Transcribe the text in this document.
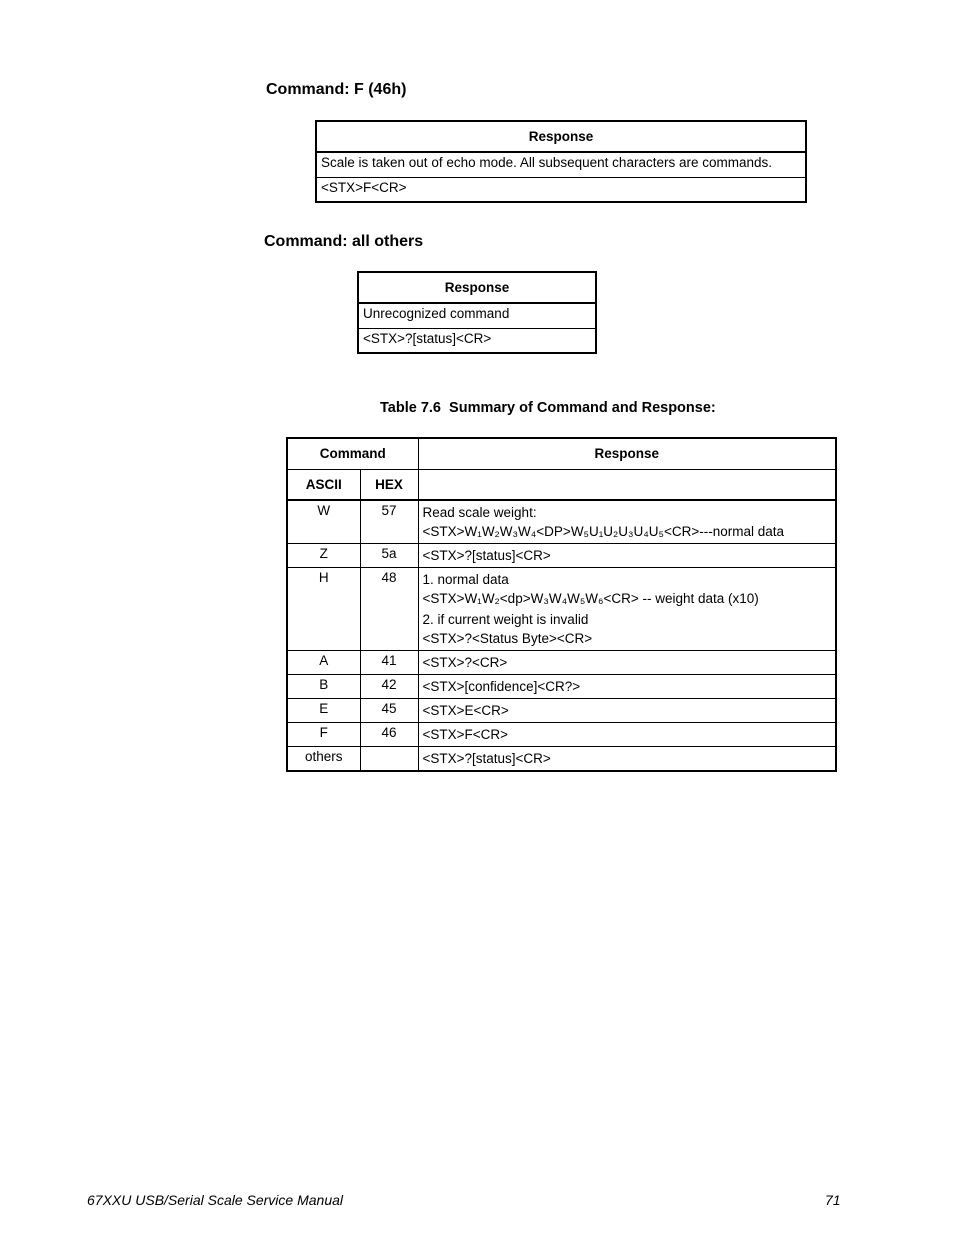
Command: F (46h)
Response
Scale is taken out of echo mode. All subsequent characters are commands.
<STX>F<CR>
Command: all others
Response
Unrecognized command
<STX>?[status]<CR>
Table 7.6  Summary of Command and Response:
Command		Response
ASCII	HEX	
W	57	Read scale weight:
<STX>W₁W₂W₃W₄<DP>W₅U₁U₂U₃U₄U₅<CR>---normal data

Z	5a	<STX>?[status]<CR>

H	48	1. normal data
<STX>W₁W₂<dp>W₃W₄W₅W₆<CR> -- weight data (x10)
2. if current weight is invalid
<STX>?<Status Byte><CR>

A	41	<STX>?<CR>

B	42	<STX>[confidence]<CR?>

E	45	<STX>E<CR>

F	46	<STX>F<CR>

others		<STX>?[status]<CR>
67XXU USB/Serial Scale Service Manual	71
